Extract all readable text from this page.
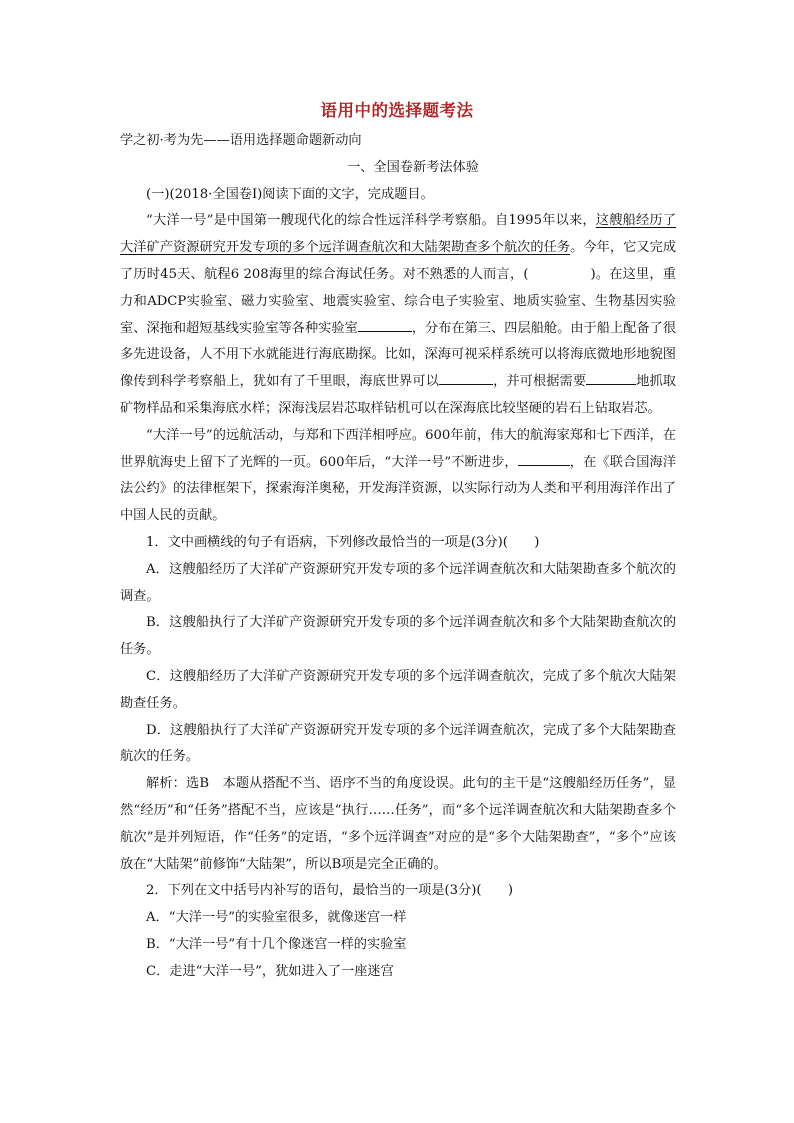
语用中的选择题考法

学之初·考为先——语用选择题命题新动向

一、全国卷新考法体验

(一)(2018·全国卷Ⅰ)阅读下面的文字，完成题目。

“大洋一号”是中国第一艘现代化的综合性远洋科学考察船。自1995年以来，这艘船经历了大洋矿产资源研究开发专项的多个远洋调查航次和大陆架勘查多个航次的任务。今年，它又完成了历时45天、航程6 208海里的综合海试任务。对不熟悉的人而言，(	)。在这里，重力和ADCP实验室、磁力实验室、地震实验室、综合电子实验室、地质实验室、生物基因实验室、深拖和超短基线实验室等各种实验室	，分布在第三、四层船舱。由于船上配备了很多先进设备，人不用下水就能进行海底勘探。比如，深海可视采样系统可以将海底微地形地貌图像传到科学考察船上，犹如有了千里眼，海底世界可以	，并可根据需要	地抓取矿物样品和采集海底水样；深海浅层岩芯取样钻机可以在深海底比较坚硬的岩石上钻取岩芯。

“大洋一号”的远航活动，与郑和下西洋相呼应。600年前，伟大的航海家郑和七下西洋，在世界航海史上留下了光辉的一页。600年后，“大洋一号”不断进步，	，在《联合国海洋法公约》的法律框架下，探索海洋奥秘，开发海洋资源，以实际行动为人类和平利用海洋作出了中国人民的贡献。

1．文中画横线的句子有语病，下列修改最恰当的一项是(3分)(　　)

A．这艘船经历了大洋矿产资源研究开发专项的多个远洋调查航次和大陆架勘查多个航次的调查。

B．这艘船执行了大洋矿产资源研究开发专项的多个远洋调查航次和多个大陆架勘查航次的任务。

C．这艘船经历了大洋矿产资源研究开发专项的多个远洋调查航次，完成了多个航次大陆架勘查任务。

D．这艘船执行了大洋矿产资源研究开发专项的多个远洋调查航次，完成了多个大陆架勘查航次的任务。

解析：选B　本题从搭配不当、语序不当的角度设误。此句的主干是“这艘船经历任务”，显然“经历”和“任务”搭配不当，应该是“执行……任务”，而“多个远洋调查航次和大陆架勘查多个航次”是并列短语，作“任务”的定语，“多个远洋调查”对应的是“多个大陆架勘查”，“多个”应该放在“大陆架”前修饰“大陆架”，所以B项是完全正确的。

2．下列在文中括号内补写的语句，最恰当的一项是(3分)(　　)

A．“大洋一号”的实验室很多，就像迷宫一样

B．“大洋一号”有十几个像迷宫一样的实验室

C．走进“大洋一号”，犹如进入了一座迷宫
